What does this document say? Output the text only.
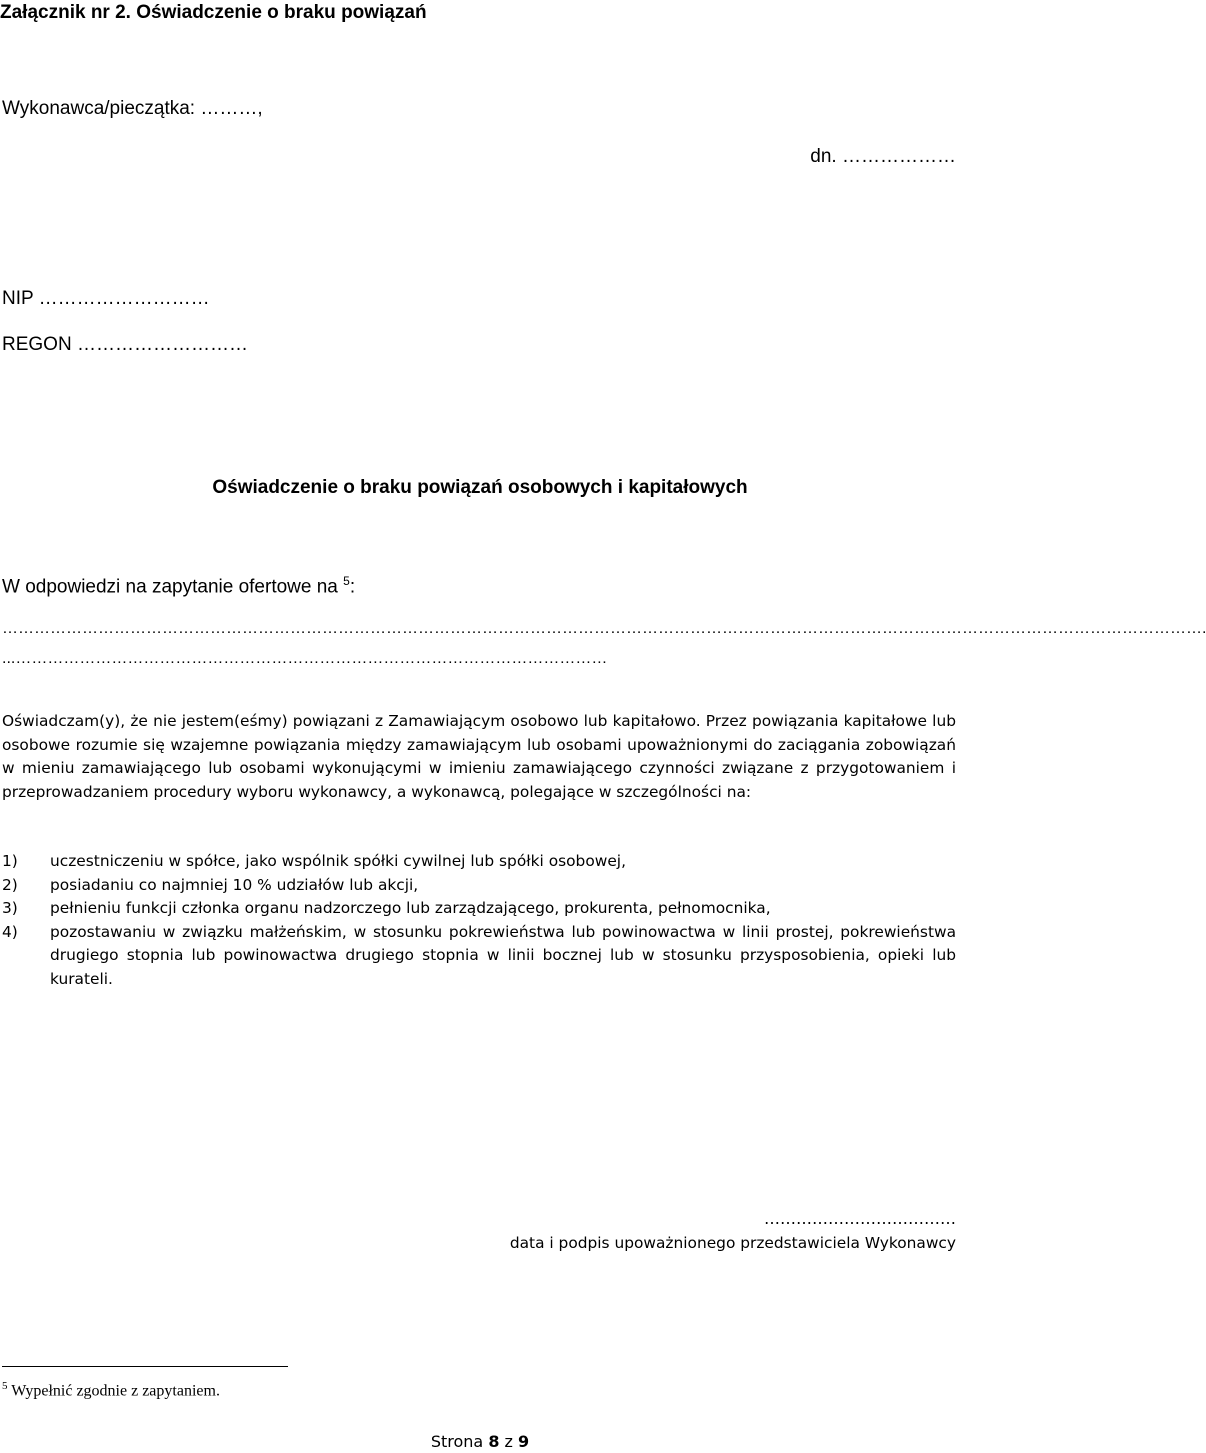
Załącznik nr 2. Oświadczenie o braku powiązań
Wykonawca/pieczątka: ………,
dn. ………………
NIP ………………………
REGON ………………………
Oświadczenie o braku powiązań osobowych i kapitałowych
W odpowiedzi na zapytanie ofertowe na $^5$:
……………………………………………………………………………………………………………………………………………………………………………………………………….
...…………………………………………………………………………………………………
Oświadczam(y), że nie jestem(eśmy) powiązani z Zamawiającym osobowo lub kapitałowo. Przez powiązania kapitałowe lub osobowe rozumie się wzajemne powiązania między zamawiającym lub osobami upoważnionymi do zaciągania zobowiązań w mieniu zamawiającego lub osobami wykonującymi w imieniu zamawiającego czynności związane z przygotowaniem i przeprowadzaniem procedury wyboru wykonawcy, a wykonawcą, polegające w szczególności na:
1)	uczestniczeniu w spółce, jako wspólnik spółki cywilnej lub spółki osobowej,
2)	posiadaniu co najmniej 10 % udziałów lub akcji,
3)	pełnieniu funkcji członka organu nadzorczego lub zarządzającego, prokurenta, pełnomocnika,
4)	pozostawaniu w związku małżeńskim, w stosunku pokrewieństwa lub powinowactwa w linii prostej, pokrewieństwa drugiego stopnia lub powinowactwa drugiego stopnia w linii bocznej lub w stosunku przysposobienia, opieki lub kurateli.
………………………………
data i podpis upoważnionego przedstawiciela Wykonawcy
$^5$ Wypełnić zgodnie z zapytaniem.
Strona 8 z 9
